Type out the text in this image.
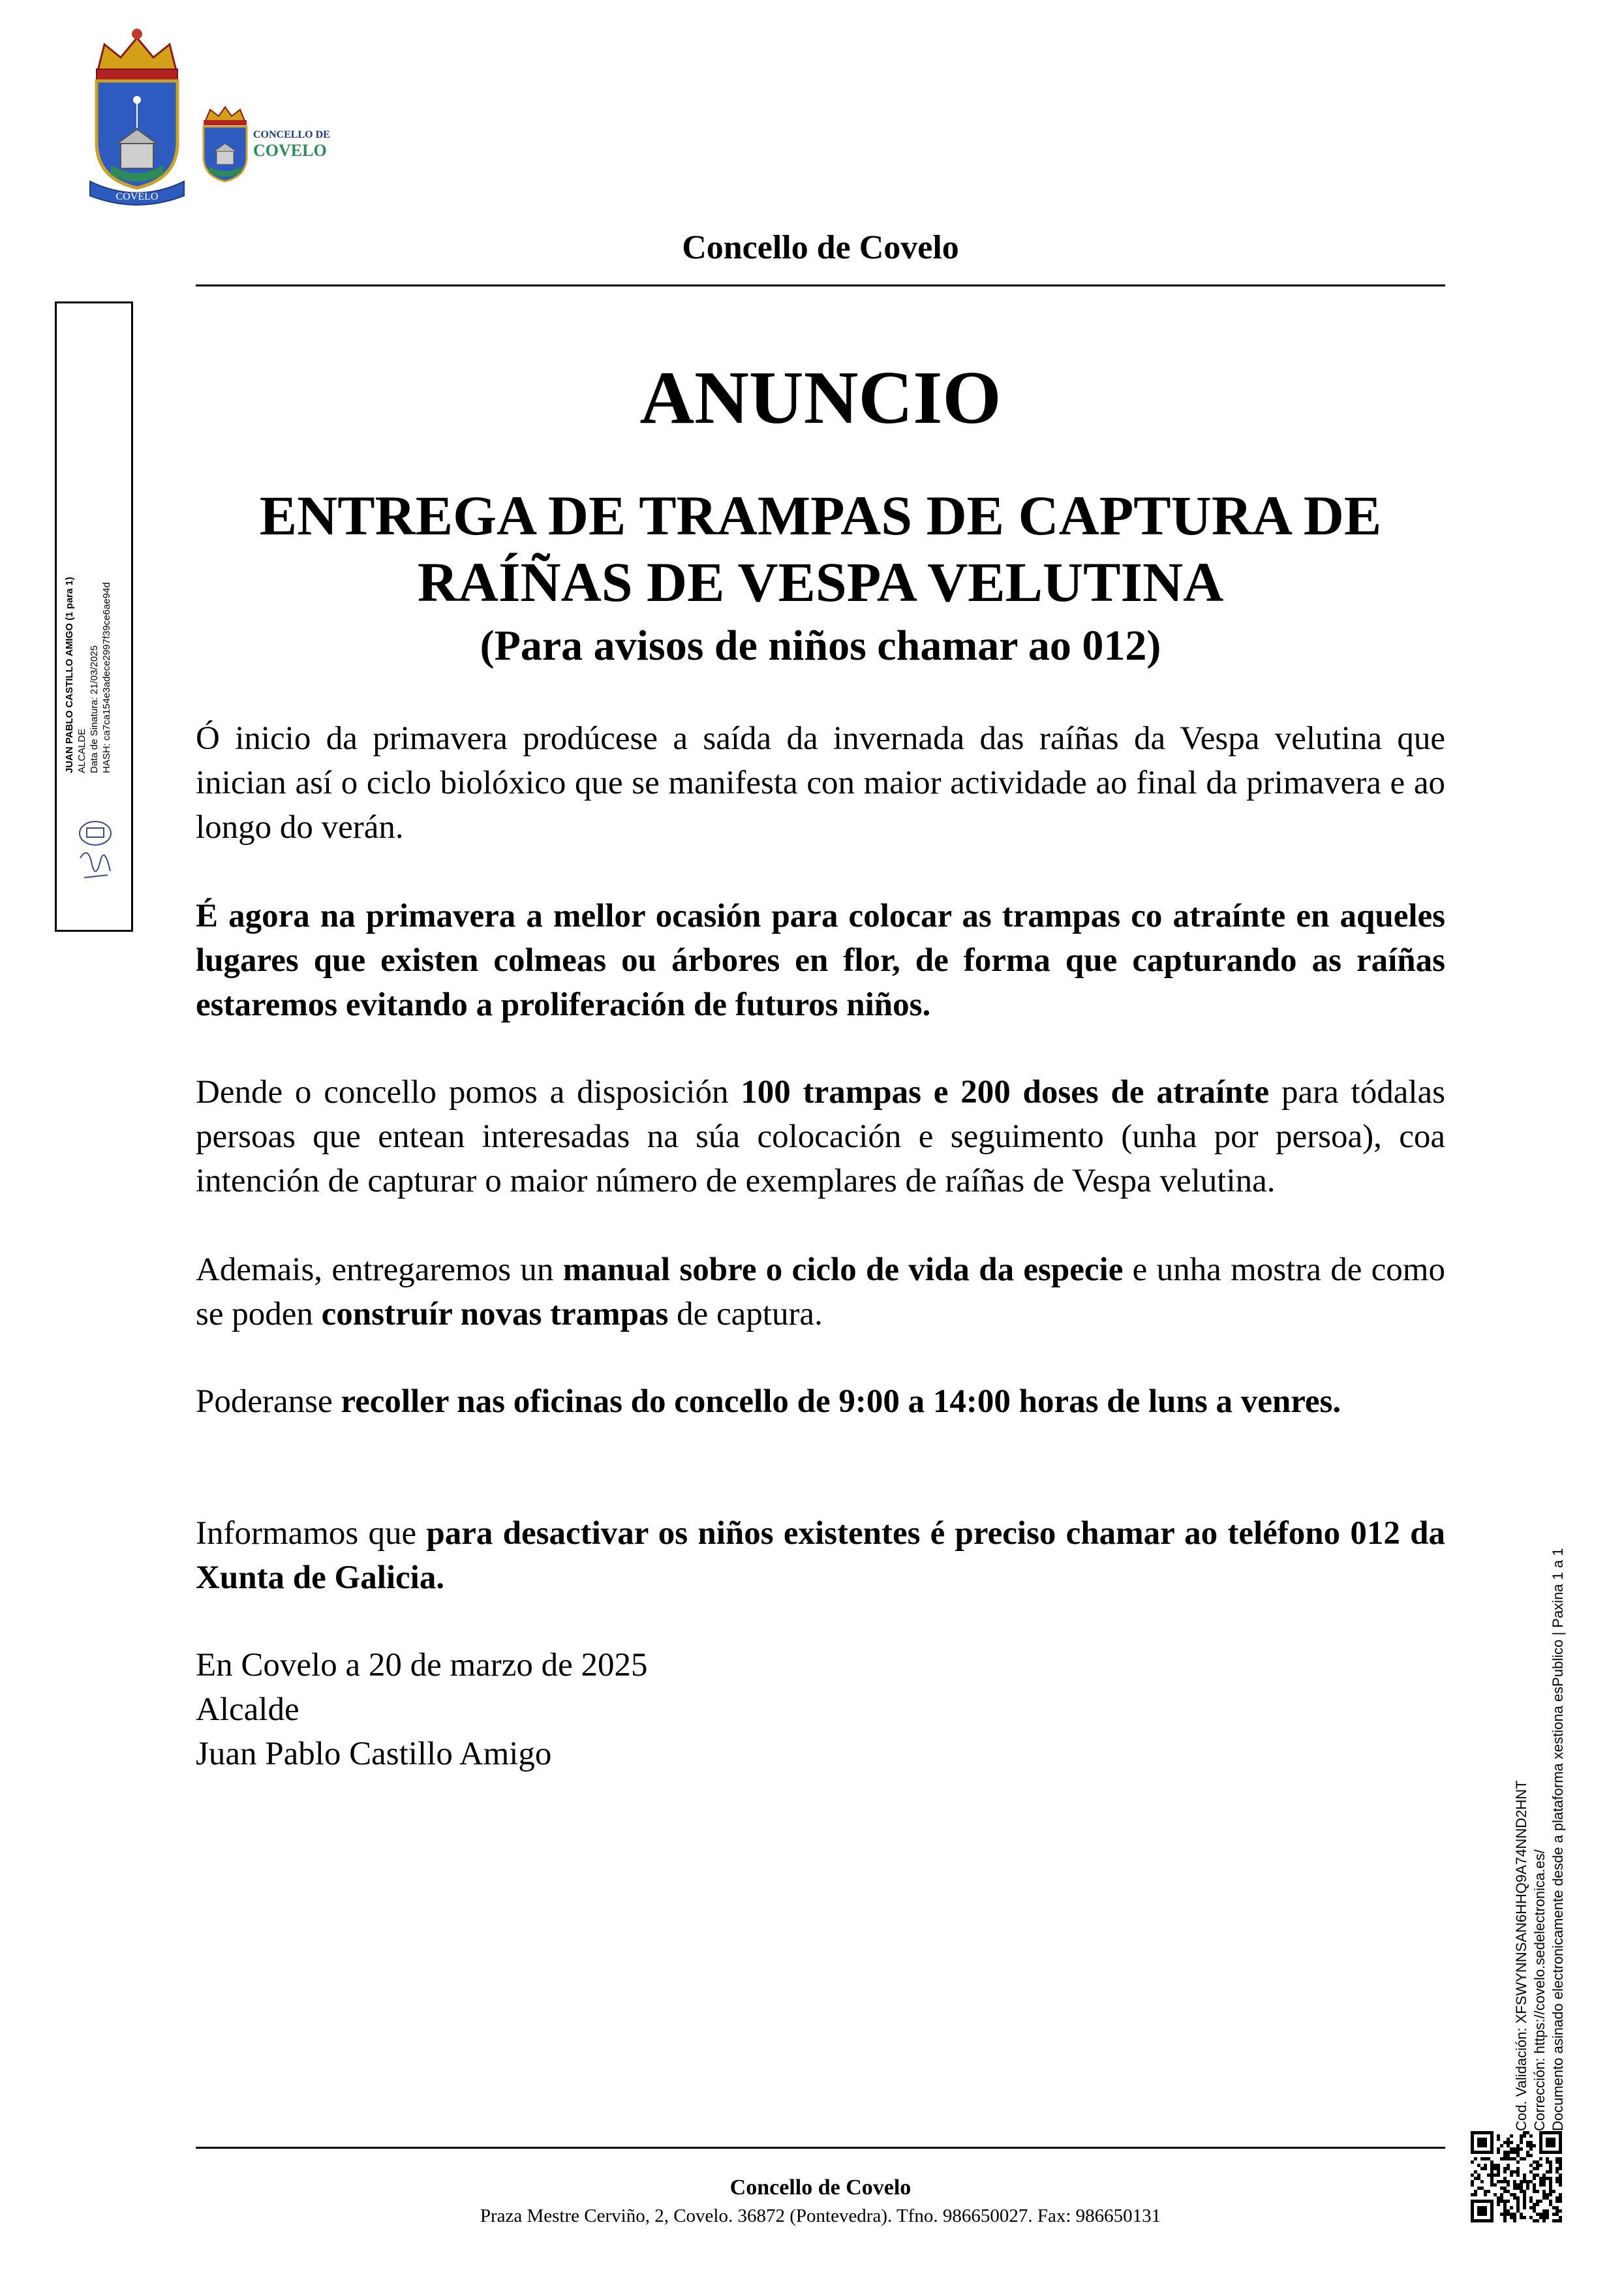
COVELO
CONCELLO DE
COVELO
Concello de Covelo
JUAN PABLO CASTILLO AMIGO (1 para 1) ALCALDE Data de Sinatura: 21/03/2025 HASH: ca7ca154e3adece2997f39ce6ae94d
ANUNCIO
ENTREGA DE TRAMPAS DE CAPTURA DE
RAÍÑAS DE VESPA VELUTINA
(Para avisos de niños chamar ao 012)
Ó inicio da primavera prodúcese a saída da invernada das raíñas da Vespa velutina que inician así o ciclo biolóxico que se manifesta con maior actividade ao final da primavera e ao longo do verán.
É agora na primavera a mellor ocasión para colocar as trampas co atraínte en aqueles lugares que existen colmeas ou árbores en flor, de forma que capturando as raíñas estaremos evitando a proliferación de futuros niños.
Dende o concello pomos a disposición 100 trampas e 200 doses de atraínte para tódalas persoas que entean interesadas na súa colocación e seguimento (unha por persoa), coa intención de capturar o maior número de exemplares de raíñas de Vespa velutina.
Ademais, entregaremos un manual sobre o ciclo de vida da especie e unha mostra de como se poden construír novas trampas de captura.
Poderanse recoller nas oficinas do concello de 9:00 a 14:00 horas de luns a venres.
Informamos que para desactivar os niños existentes é preciso chamar ao teléfono 012 da Xunta de Galicia.
En Covelo a 20 de marzo de 2025
Alcalde
Juan Pablo Castillo Amigo
Cod. Validación: XFSWYNNSAN6HHQ9A74NND2HNT Corrección: https://covelo.sedelectronica.es/ Documento asinado electronicamente desde a plataforma xestiona esPublico | Paxina 1 a 1
Concello de Covelo
Praza Mestre Cerviño, 2, Covelo. 36872 (Pontevedra). Tfno. 986650027. Fax: 986650131
